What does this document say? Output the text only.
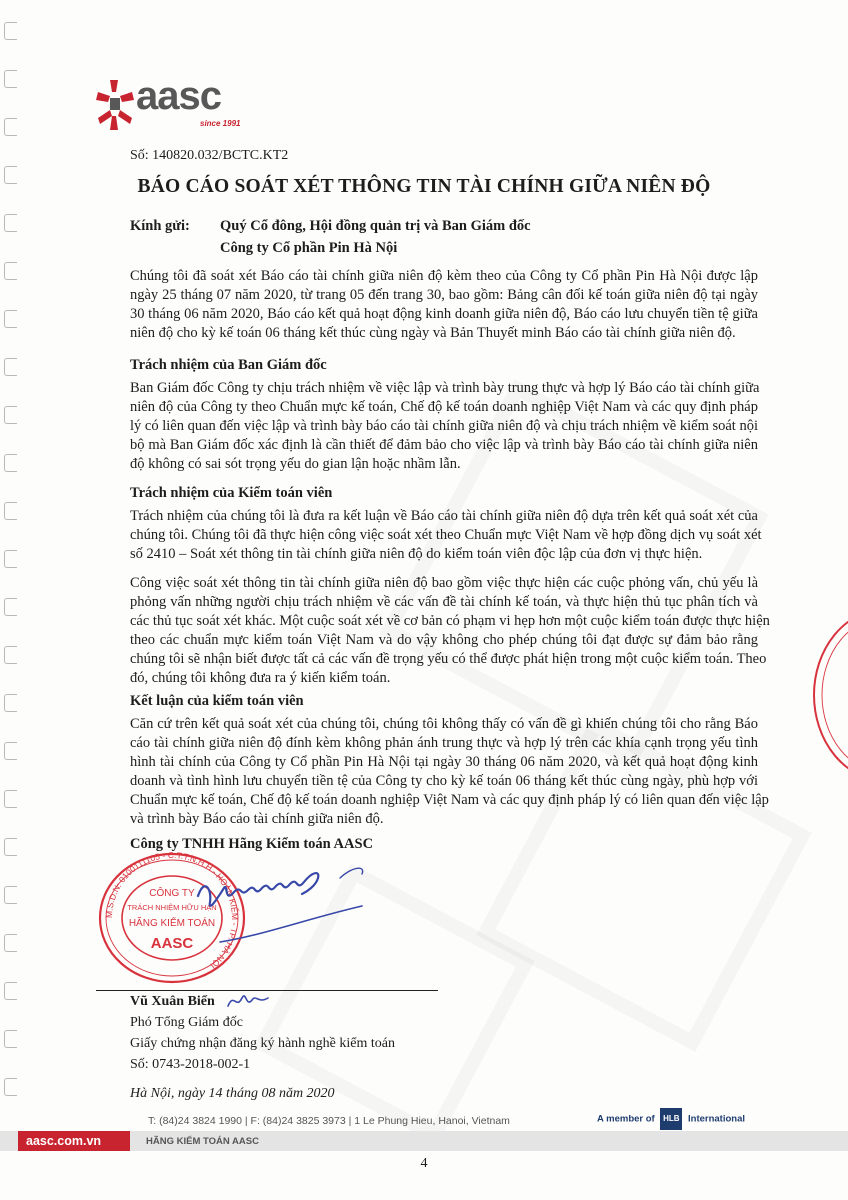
aasc
since 1991
Số: 140820.032/BCTC.KT2
BÁO CÁO SOÁT XÉT THÔNG TIN TÀI CHÍNH GIỮA NIÊN ĐỘ
Kính gửi: Quý Cổ đông, Hội đồng quản trị và Ban Giám đốc
Công ty Cổ phần Pin Hà Nội
Chúng tôi đã soát xét Báo cáo tài chính giữa niên độ kèm theo của Công ty Cổ phần Pin Hà Nội được lập
ngày 25 tháng 07 năm 2020, từ trang 05 đến trang 30, bao gồm: Bảng cân đối kế toán giữa niên độ tại ngày
30 tháng 06 năm 2020, Báo cáo kết quả hoạt động kinh doanh giữa niên độ, Báo cáo lưu chuyển tiền tệ giữa
niên độ cho kỳ kế toán 06 tháng kết thúc cùng ngày và Bản Thuyết minh Báo cáo tài chính giữa niên độ.
Trách nhiệm của Ban Giám đốc
Ban Giám đốc Công ty chịu trách nhiệm về việc lập và trình bày trung thực và hợp lý Báo cáo tài chính giữa
niên độ của Công ty theo Chuẩn mực kế toán, Chế độ kế toán doanh nghiệp Việt Nam và các quy định pháp
lý có liên quan đến việc lập và trình bày báo cáo tài chính giữa niên độ và chịu trách nhiệm về kiểm soát nội
bộ mà Ban Giám đốc xác định là cần thiết để đảm bảo cho việc lập và trình bày Báo cáo tài chính giữa niên
độ không có sai sót trọng yếu do gian lận hoặc nhầm lẫn.
Trách nhiệm của Kiểm toán viên
Trách nhiệm của chúng tôi là đưa ra kết luận về Báo cáo tài chính giữa niên độ dựa trên kết quả soát xét của
chúng tôi. Chúng tôi đã thực hiện công việc soát xét theo Chuẩn mực Việt Nam về hợp đồng dịch vụ soát xét
số 2410 – Soát xét thông tin tài chính giữa niên độ do kiểm toán viên độc lập của đơn vị thực hiện.
Công việc soát xét thông tin tài chính giữa niên độ bao gồm việc thực hiện các cuộc phỏng vấn, chủ yếu là
phỏng vấn những người chịu trách nhiệm về các vấn đề tài chính kế toán, và thực hiện thủ tục phân tích và
các thủ tục soát xét khác. Một cuộc soát xét về cơ bản có phạm vi hẹp hơn một cuộc kiểm toán được thực hiện
theo các chuẩn mực kiểm toán Việt Nam và do vậy không cho phép chúng tôi đạt được sự đảm bảo rằng
chúng tôi sẽ nhận biết được tất cả các vấn đề trọng yếu có thể được phát hiện trong một cuộc kiểm toán. Theo
đó, chúng tôi không đưa ra ý kiến kiểm toán.
Kết luận của kiểm toán viên
Căn cứ trên kết quả soát xét của chúng tôi, chúng tôi không thấy có vấn đề gì khiến chúng tôi cho rằng Báo
cáo tài chính giữa niên độ đính kèm không phản ánh trung thực và hợp lý trên các khía cạnh trọng yếu tình
hình tài chính của Công ty Cổ phần Pin Hà Nội tại ngày 30 tháng 06 năm 2020, và kết quả hoạt động kinh
doanh và tình hình lưu chuyển tiền tệ của Công ty cho kỳ kế toán 06 tháng kết thúc cùng ngày, phù hợp với
Chuẩn mực kế toán, Chế độ kế toán doanh nghiệp Việt Nam và các quy định pháp lý có liên quan đến việc lập
và trình bày Báo cáo tài chính giữa niên độ.
Công ty TNHH Hãng Kiểm toán AASC
M.S.D.N: 0100111105 - C.T.T.N.H.H - HOÀN KIẾM - TP. HÀ NỘI
CÔNG TY
TRÁCH NHIỆM HỮU HẠN
HÃNG KIỂM TOÁN
AASC
Vũ Xuân Biển
Phó Tổng Giám đốc
Giấy chứng nhận đăng ký hành nghề kiểm toán
Số: 0743-2018-002-1
Hà Nội, ngày 14 tháng 08 năm 2020
T: (84)24 3824 1990 | F: (84)24 3825 3973 | 1 Le Phung Hieu, Hanoi, Vietnam	A member of HLB International
aasc.com.vn	HÃNG KIỂM TOÁN AASC
4
